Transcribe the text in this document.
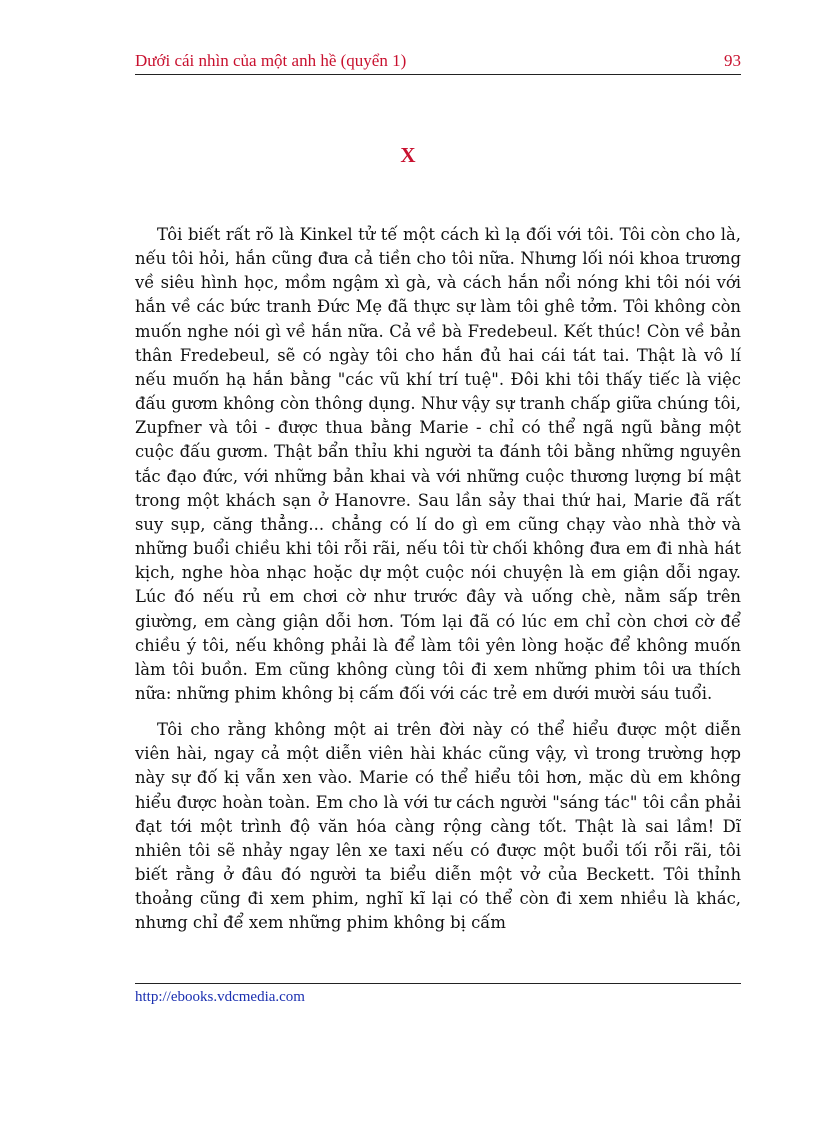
Dưới cái nhìn của một anh hề (quyển 1)	93
X

Tôi biết rất rõ là Kinkel tử tế một cách kì lạ đối với tôi. Tôi còn cho là, nếu tôi hỏi, hắn cũng đưa cả tiền cho tôi nữa. Nhưng lối nói khoa trương về siêu hình học, mồm ngậm xì gà, và cách hắn nổi nóng khi tôi nói với hắn về các bức tranh Đức Mẹ đã thực sự làm tôi ghê tởm. Tôi không còn muốn nghe nói gì về hắn nữa. Cả về bà Fredebeul. Kết thúc! Còn về bản thân Fredebeul, sẽ có ngày tôi cho hắn đủ hai cái tát tai. Thật là vô lí nếu muốn hạ hắn bằng "các vũ khí trí tuệ". Đôi khi tôi thấy tiếc là việc đấu gươm không còn thông dụng. Như vậy sự tranh chấp giữa chúng tôi, Zupfner và tôi - được thua bằng Marie - chỉ có thể ngã ngũ bằng một cuộc đấu gươm. Thật bẩn thỉu khi người ta đánh tôi bằng những nguyên tắc đạo đức, với những bản khai và với những cuộc thương lượng bí mật trong một khách sạn ở Hanovre. Sau lần sảy thai thứ hai, Marie đã rất suy sụp, căng thẳng... chẳng có lí do gì em cũng chạy vào nhà thờ và những buổi chiều khi tôi rỗi rãi, nếu tôi từ chối không đưa em đi nhà hát kịch, nghe hòa nhạc hoặc dự một cuộc nói chuyện là em giận dỗi ngay. Lúc đó nếu rủ em chơi cờ như trước đây và uống chè, nằm sấp trên giường, em càng giận dỗi hơn. Tóm lại đã có lúc em chỉ còn chơi cờ để chiều ý tôi, nếu không phải là để làm tôi yên lòng hoặc để không muốn làm tôi buồn. Em cũng không cùng tôi đi xem những phim tôi ưa thích nữa: những phim không bị cấm đối với các trẻ em dưới mười sáu tuổi.

Tôi cho rằng không một ai trên đời này có thể hiểu được một diễn viên hài, ngay cả một diễn viên hài khác cũng vậy, vì trong trường hợp này sự đố kị vẫn xen vào. Marie có thể hiểu tôi hơn, mặc dù em không hiểu được hoàn toàn. Em cho là với tư cách người "sáng tác" tôi cần phải đạt tới một trình độ văn hóa càng rộng càng tốt. Thật là sai lầm! Dĩ nhiên tôi sẽ nhảy ngay lên xe taxi nếu có được một buổi tối rỗi rãi, tôi biết rằng ở đâu đó người ta biểu diễn một vở của Beckett. Tôi thỉnh thoảng cũng đi xem phim, nghĩ kĩ lại có thể còn đi xem nhiều là khác, nhưng chỉ để xem những phim không bị cấm

http://ebooks.vdcmedia.com
